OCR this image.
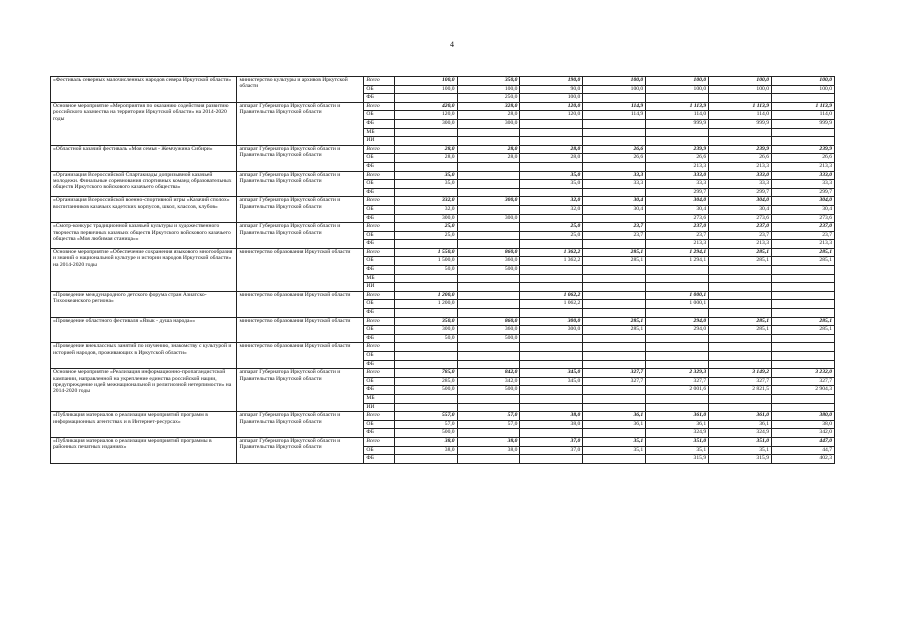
4
«Фестиваль северных малочисленных народов севера Иркутской области»	министерство культуры и архивов Иркутской области	Всего	100,0	350,0	190,0	100,0	100,0	100,0	100,0
		ОБ	100,0	100,0	90,0	100,0	100,0	100,0	100,0
		ФБ		250,0	100,0				
Основное мероприятие «Мероприятия по оказанию содействия развитию российского казачества на территории Иркутской области» на 2014-2020 годы	аппарат Губернатора Иркутской области и Правительства Иркутской области	Всего	420,0	328,0	120,0	114,9	1 113,9	1 113,9	1 113,9
		ОБ	120,0	28,0	120,0	114,9	114,0	114,0	114,0
		ФБ	300,0	300,0			999,9	999,9	999,9
		МБ							
		ИИ							
«Областной казачий фестиваль «Моя семья - Жемчужина Сибири»	аппарат Губернатора Иркутской области и Правительства Иркутской области	Всего	28,0	28,0	28,0	26,6	239,9	239,9	239,9
		ОБ	28,0	28,0	28,0	26,6	26,6	26,6	26,6
		ФБ					213,3	213,3	213,3
«Организация Всероссийской Спартакиады допризывной казачьей молодежи. Финальные соревнования спортивных команд образовательных обществ Иркутского войскового казачьего общества»	аппарат Губернатора Иркутской области и Правительства Иркутской области	Всего	35,0		35,0	33,3	333,0	333,0	333,0
		ОБ	35,0		35,0	33,3	33,3	33,3	33,3
		ФБ					299,7	299,7	299,7
«Организация Всероссийской военно-спортивной игры «Казачий сполох» воспитанников казачьих кадетских корпусов, школ, классов, клубов»	аппарат Губернатора Иркутской области и Правительства Иркутской области	Всего	332,0	300,0	32,0	30,4	304,0	304,0	304,0
		ОБ	32,0		32,0	30,4	30,4	30,4	30,4
		ФБ	300,0	300,0			273,6	273,6	273,6
«Смотр-конкурс традиционной казачьей культуры и художественного творчества первичных казачьих обществ Иркутского войскового казачьего общества «Моя любимая станица»»	аппарат Губернатора Иркутской области и Правительства Иркутской области	Всего	25,0		25,0	23,7	237,0	237,0	237,0
		ОБ	25,0		25,0	23,7	23,7	23,7	23,7
		ФБ					213,3	213,3	213,3
Основное мероприятие «Обеспечение сохранения языкового многообразия и знаний о национальной культуре и истории народов Иркутской области» на 2014-2020 годы	министерство образования Иркутской области	Всего	1 550,0	860,0	1 362,2	285,1	1 294,1	285,1	285,1
		ОБ	1 500,0	360,0	1 362,2	285,1	1 294,1	285,1	285,1
		ФБ	50,0	500,0					
		МБ							
		ИИ							
«Проведение международного детского форума стран Азиатско-Тихоокеанского региона»	министерство образования Иркутской области	Всего	1 200,0		1 062,2		1 000,1		
		ОБ	1 200,0		1 062,2		1 000,1		
		ФБ							
«Проведение областного фестиваля «Язык - душа народа»»	министерство образования Иркутской области	Всего	350,0	860,0	300,0	285,1	294,0	285,1	285,1
		ОБ	300,0	360,0	300,0	285,1	294,0	285,1	285,1
		ФБ	50,0	500,0					
«Проведение внеклассных занятий по изучению, знакомству с культурой и историей народов, проживающих в Иркутской области»	министерство образования Иркутской области	Всего							
		ОБ							
		ФБ							
Основное мероприятие «Реализация информационно-пропагандистской кампании, направленной на укрепление единства российской нации, предупреждение идей межнациональной и религиозной нетерпимости» на 2014-2020 годы	аппарат Губернатора Иркутской области и Правительства Иркутской области	Всего	785,0	842,0	345,0	327,7	2 329,3	3 149,2	3 232,0
		ОБ	285,0	342,0	345,0	327,7	327,7	327,7	327,7
		ФБ	500,0	500,0			2 001,6	2 821,5	2 904,3
		МБ							
		ИИ							
«Публикация материалов о реализации мероприятий программ в информационных агентствах и в Интернет-ресурсах»	аппарат Губернатора Иркутской области и Правительства Иркутской области	Всего	557,0	57,0	38,0	36,1	361,0	361,0	380,0
		ОБ	57,0	57,0	38,0	36,1	36,1	36,1	38,0
		ФБ	500,0				324,9	324,9	342,0
«Публикация материалов о реализации мероприятий программы в районных печатных изданиях»	аппарат Губернатора Иркутской области и Правительства Иркутской области	Всего	38,0	38,0	37,0	35,1	351,0	351,0	447,0
		ОБ	38,0	38,0	37,0	35,1	35,1	35,1	44,7
		ФБ					315,9	315,9	402,3
